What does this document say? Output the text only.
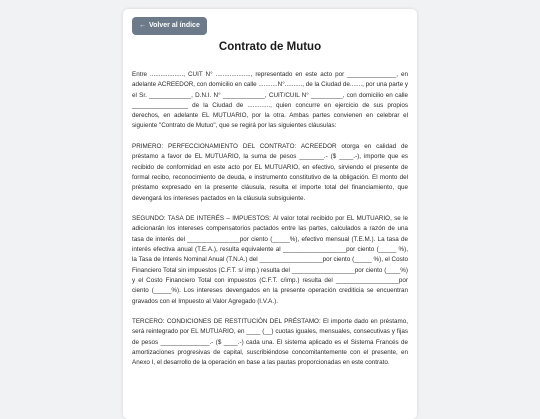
← Volver al índice
Contrato de Mutuo

Entre ..................., CUIT N° ...................., representado en este acto por ______________, en adelante ACREEDOR, con domicilio en calle ...........N°.........., de la Ciudad de......., por una parte y el Sr. ____________, D.N.I. N° ____________, CUIT/CUIL N° _________, con domicilio en calle ________________ de la Ciudad de ............., quien concurre en ejercicio de sus propios derechos, en adelante EL MUTUARIO, por la otra. Ambas partes convienen en celebrar el siguiente "Contrato de Mutuo", que se regirá por las siguientes cláusulas:

PRIMERO: PERFECCIONAMIENTO DEL CONTRATO: ACREEDOR otorga en calidad de préstamo a favor de EL MUTUARIO, la suma de pesos _______.- ($ ____.-), importe que es recibido de conformidad en este acto por EL MUTUARIO, en efectivo, sirviendo el presente de formal recibo, reconocimiento de deuda, e instrumento constitutivo de la obligación. El monto del préstamo expresado en la presente cláusula, resulta el importe total del financiamiento, que devengará los intereses pactados en la cláusula subsiguiente.

SEGUNDO: TASA DE INTERÉS – IMPUESTOS: Al valor total recibido por EL MUTUARIO, se le adicionarán los intereses compensatorios pactados entre las partes, calculados a razón de una tasa de interés del _______________por ciento (_____%), efectivo mensual (T.E.M.). La tasa de interés efectiva anual (T.E.A.), resulta equivalente al __________________por ciento (_____ %), la Tasa de Interés Nominal Anual (T.N.A.) del __________________por ciento (_____ %), el Costo Financiero Total sin impuestos (C.F.T. s/ imp.) resulta del __________________por ciento (____%) y el Costo Financiero Total con impuestos (C.F.T. c/imp.) resulta del __________________por ciento (_____%). Los intereses devengados en la presente operación crediticia se encuentran gravados con el Impuesto al Valor Agregado (I.V.A.).

TERCERO: CONDICIONES DE RESTITUCIÓN DEL PRÉSTAMO: El importe dado en préstamo, será reintegrado por EL MUTUARIO, en ____ (__) cuotas iguales, mensuales, consecutivas y fijas de pesos ______________.- ($ ____.-) cada una. El sistema aplicado es el Sistema Francés de amortizaciones progresivas de capital, suscribiéndose concomitantemente con el presente, en Anexo I, el desarrollo de la operación en base a las pautas proporcionadas en este contrato.
